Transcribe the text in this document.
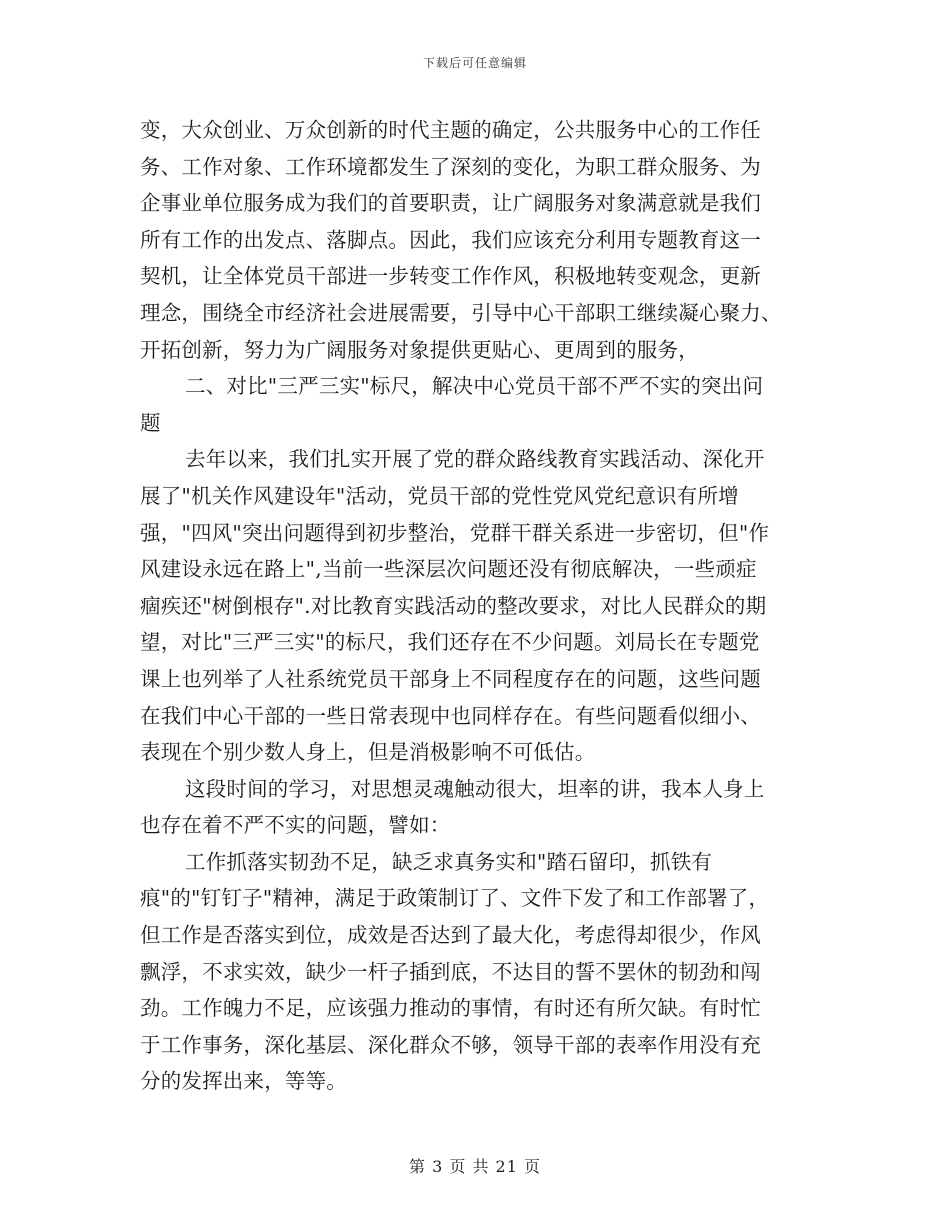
下载后可任意编辑
变，大众创业、万众创新的时代主题的确定，公共服务中心的工作任
务、工作对象、工作环境都发生了深刻的变化，为职工群众服务、为
企事业单位服务成为我们的首要职责，让广阔服务对象满意就是我们
所有工作的出发点、落脚点。因此，我们应该充分利用专题教育这一
契机，让全体党员干部进一步转变工作作风，积极地转变观念，更新
理念，围绕全市经济社会进展需要，引导中心干部职工继续凝心聚力、
开拓创新，努力为广阔服务对象提供更贴心、更周到的服务，
二、对比"三严三实"标尺，解决中心党员干部不严不实的突出问
题
去年以来，我们扎实开展了党的群众路线教育实践活动、深化开
展了"机关作风建设年"活动，党员干部的党性党风党纪意识有所增
强，"四风"突出问题得到初步整治，党群干群关系进一步密切，但"作
风建设永远在路上",当前一些深层次问题还没有彻底解决，一些顽症
痼疾还"树倒根存".对比教育实践活动的整改要求，对比人民群众的期
望，对比"三严三实"的标尺，我们还存在不少问题。刘局长在专题党
课上也列举了人社系统党员干部身上不同程度存在的问题，这些问题
在我们中心干部的一些日常表现中也同样存在。有些问题看似细小、
表现在个别少数人身上，但是消极影响不可低估。
这段时间的学习，对思想灵魂触动很大，坦率的讲，我本人身上
也存在着不严不实的问题，譬如：
工作抓落实韧劲不足，缺乏求真务实和"踏石留印，抓铁有
痕"的"钉钉子"精神，满足于政策制订了、文件下发了和工作部署了，
但工作是否落实到位，成效是否达到了最大化，考虑得却很少，作风
飘浮，不求实效，缺少一杆子插到底，不达目的誓不罢休的韧劲和闯
劲。工作魄力不足，应该强力推动的事情，有时还有所欠缺。有时忙
于工作事务，深化基层、深化群众不够，领导干部的表率作用没有充
分的发挥出来，等等。
第 3 页 共 21 页
